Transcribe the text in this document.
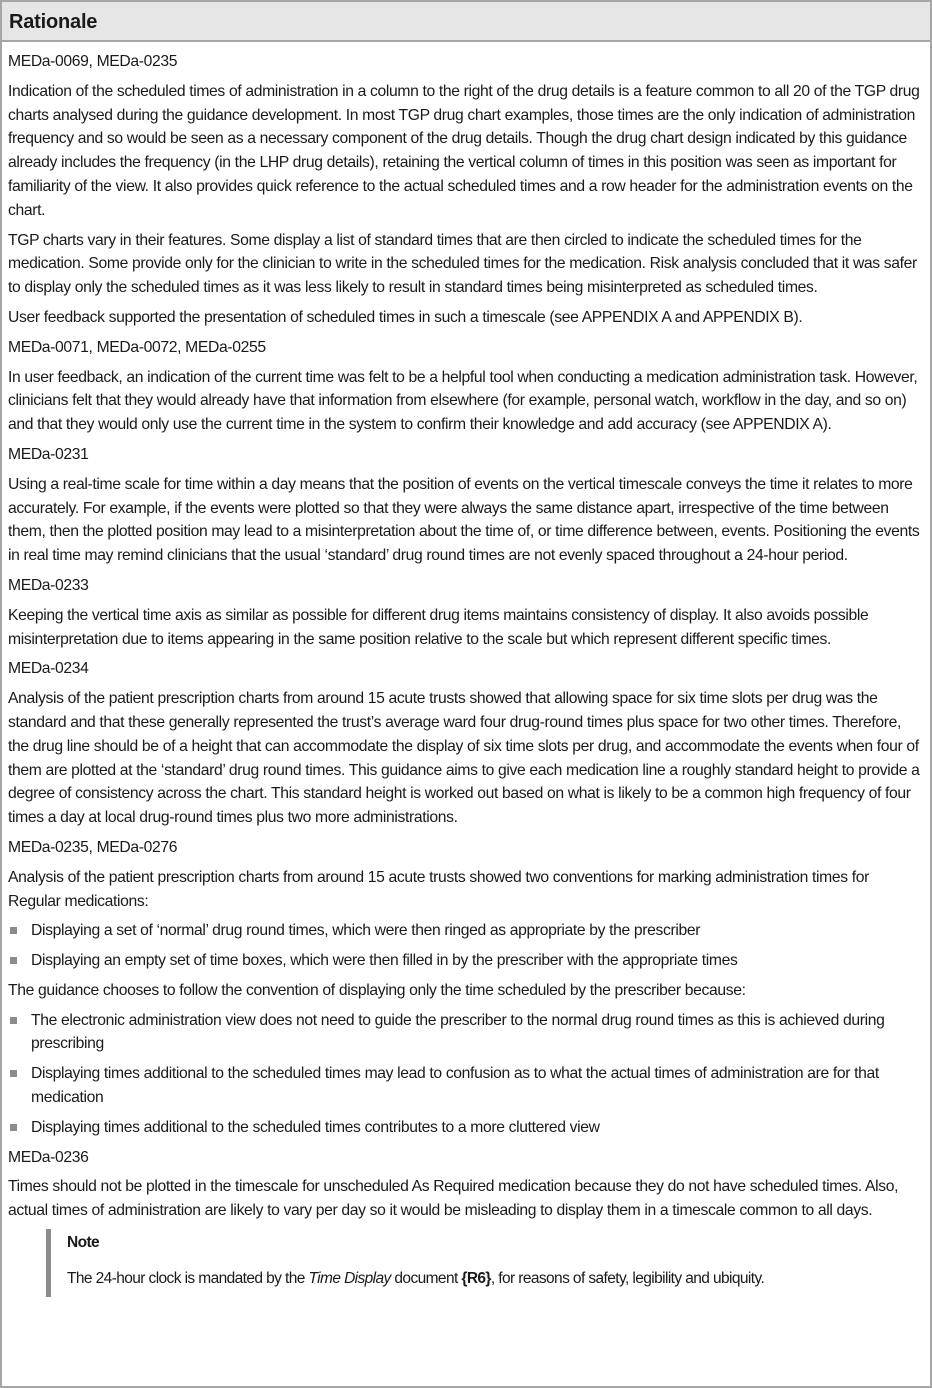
Rationale
MEDa-0069, MEDa-0235

Indication of the scheduled times of administration in a column to the right of the drug details is a feature common to all 20 of the TGP drug charts analysed during the guidance development. In most TGP drug chart examples, those times are the only indication of administration frequency and so would be seen as a necessary component of the drug details. Though the drug chart design indicated by this guidance already includes the frequency (in the LHP drug details), retaining the vertical column of times in this position was seen as important for familiarity of the view. It also provides quick reference to the actual scheduled times and a row header for the administration events on the chart.

TGP charts vary in their features. Some display a list of standard times that are then circled to indicate the scheduled times for the medication. Some provide only for the clinician to write in the scheduled times for the medication. Risk analysis concluded that it was safer to display only the scheduled times as it was less likely to result in standard times being misinterpreted as scheduled times.

User feedback supported the presentation of scheduled times in such a timescale (see APPENDIX A and APPENDIX B).

MEDa-0071, MEDa-0072, MEDa-0255

In user feedback, an indication of the current time was felt to be a helpful tool when conducting a medication administration task. However, clinicians felt that they would already have that information from elsewhere (for example, personal watch, workflow in the day, and so on) and that they would only use the current time in the system to confirm their knowledge and add accuracy (see APPENDIX A).

MEDa-0231

Using a real-time scale for time within a day means that the position of events on the vertical timescale conveys the time it relates to more accurately. For example, if the events were plotted so that they were always the same distance apart, irrespective of the time between them, then the plotted position may lead to a misinterpretation about the time of, or time difference between, events. Positioning the events in real time may remind clinicians that the usual ‘standard’ drug round times are not evenly spaced throughout a 24-hour period.

MEDa-0233

Keeping the vertical time axis as similar as possible for different drug items maintains consistency of display. It also avoids possible misinterpretation due to items appearing in the same position relative to the scale but which represent different specific times.

MEDa-0234

Analysis of the patient prescription charts from around 15 acute trusts showed that allowing space for six time slots per drug was the standard and that these generally represented the trust’s average ward four drug-round times plus space for two other times. Therefore, the drug line should be of a height that can accommodate the display of six time slots per drug, and accommodate the events when four of them are plotted at the ‘standard’ drug round times. This guidance aims to give each medication line a roughly standard height to provide a degree of consistency across the chart. This standard height is worked out based on what is likely to be a common high frequency of four times a day at local drug-round times plus two more administrations.

MEDa-0235, MEDa-0276

Analysis of the patient prescription charts from around 15 acute trusts showed two conventions for marking administration times for Regular medications:

Displaying a set of ‘normal’ drug round times, which were then ringed as appropriate by the prescriber
Displaying an empty set of time boxes, which were then filled in by the prescriber with the appropriate times

The guidance chooses to follow the convention of displaying only the time scheduled by the prescriber because:

The electronic administration view does not need to guide the prescriber to the normal drug round times as this is achieved during prescribing
Displaying times additional to the scheduled times may lead to confusion as to what the actual times of administration are for that medication
Displaying times additional to the scheduled times contributes to a more cluttered view
MEDa-0236

Times should not be plotted in the timescale for unscheduled As Required medication because they do not have scheduled times. Also, actual times of administration are likely to vary per day so it would be misleading to display them in a timescale common to all days.

Note

The 24-hour clock is mandated by the Time Display document {R6}, for reasons of safety, legibility and ubiquity.
